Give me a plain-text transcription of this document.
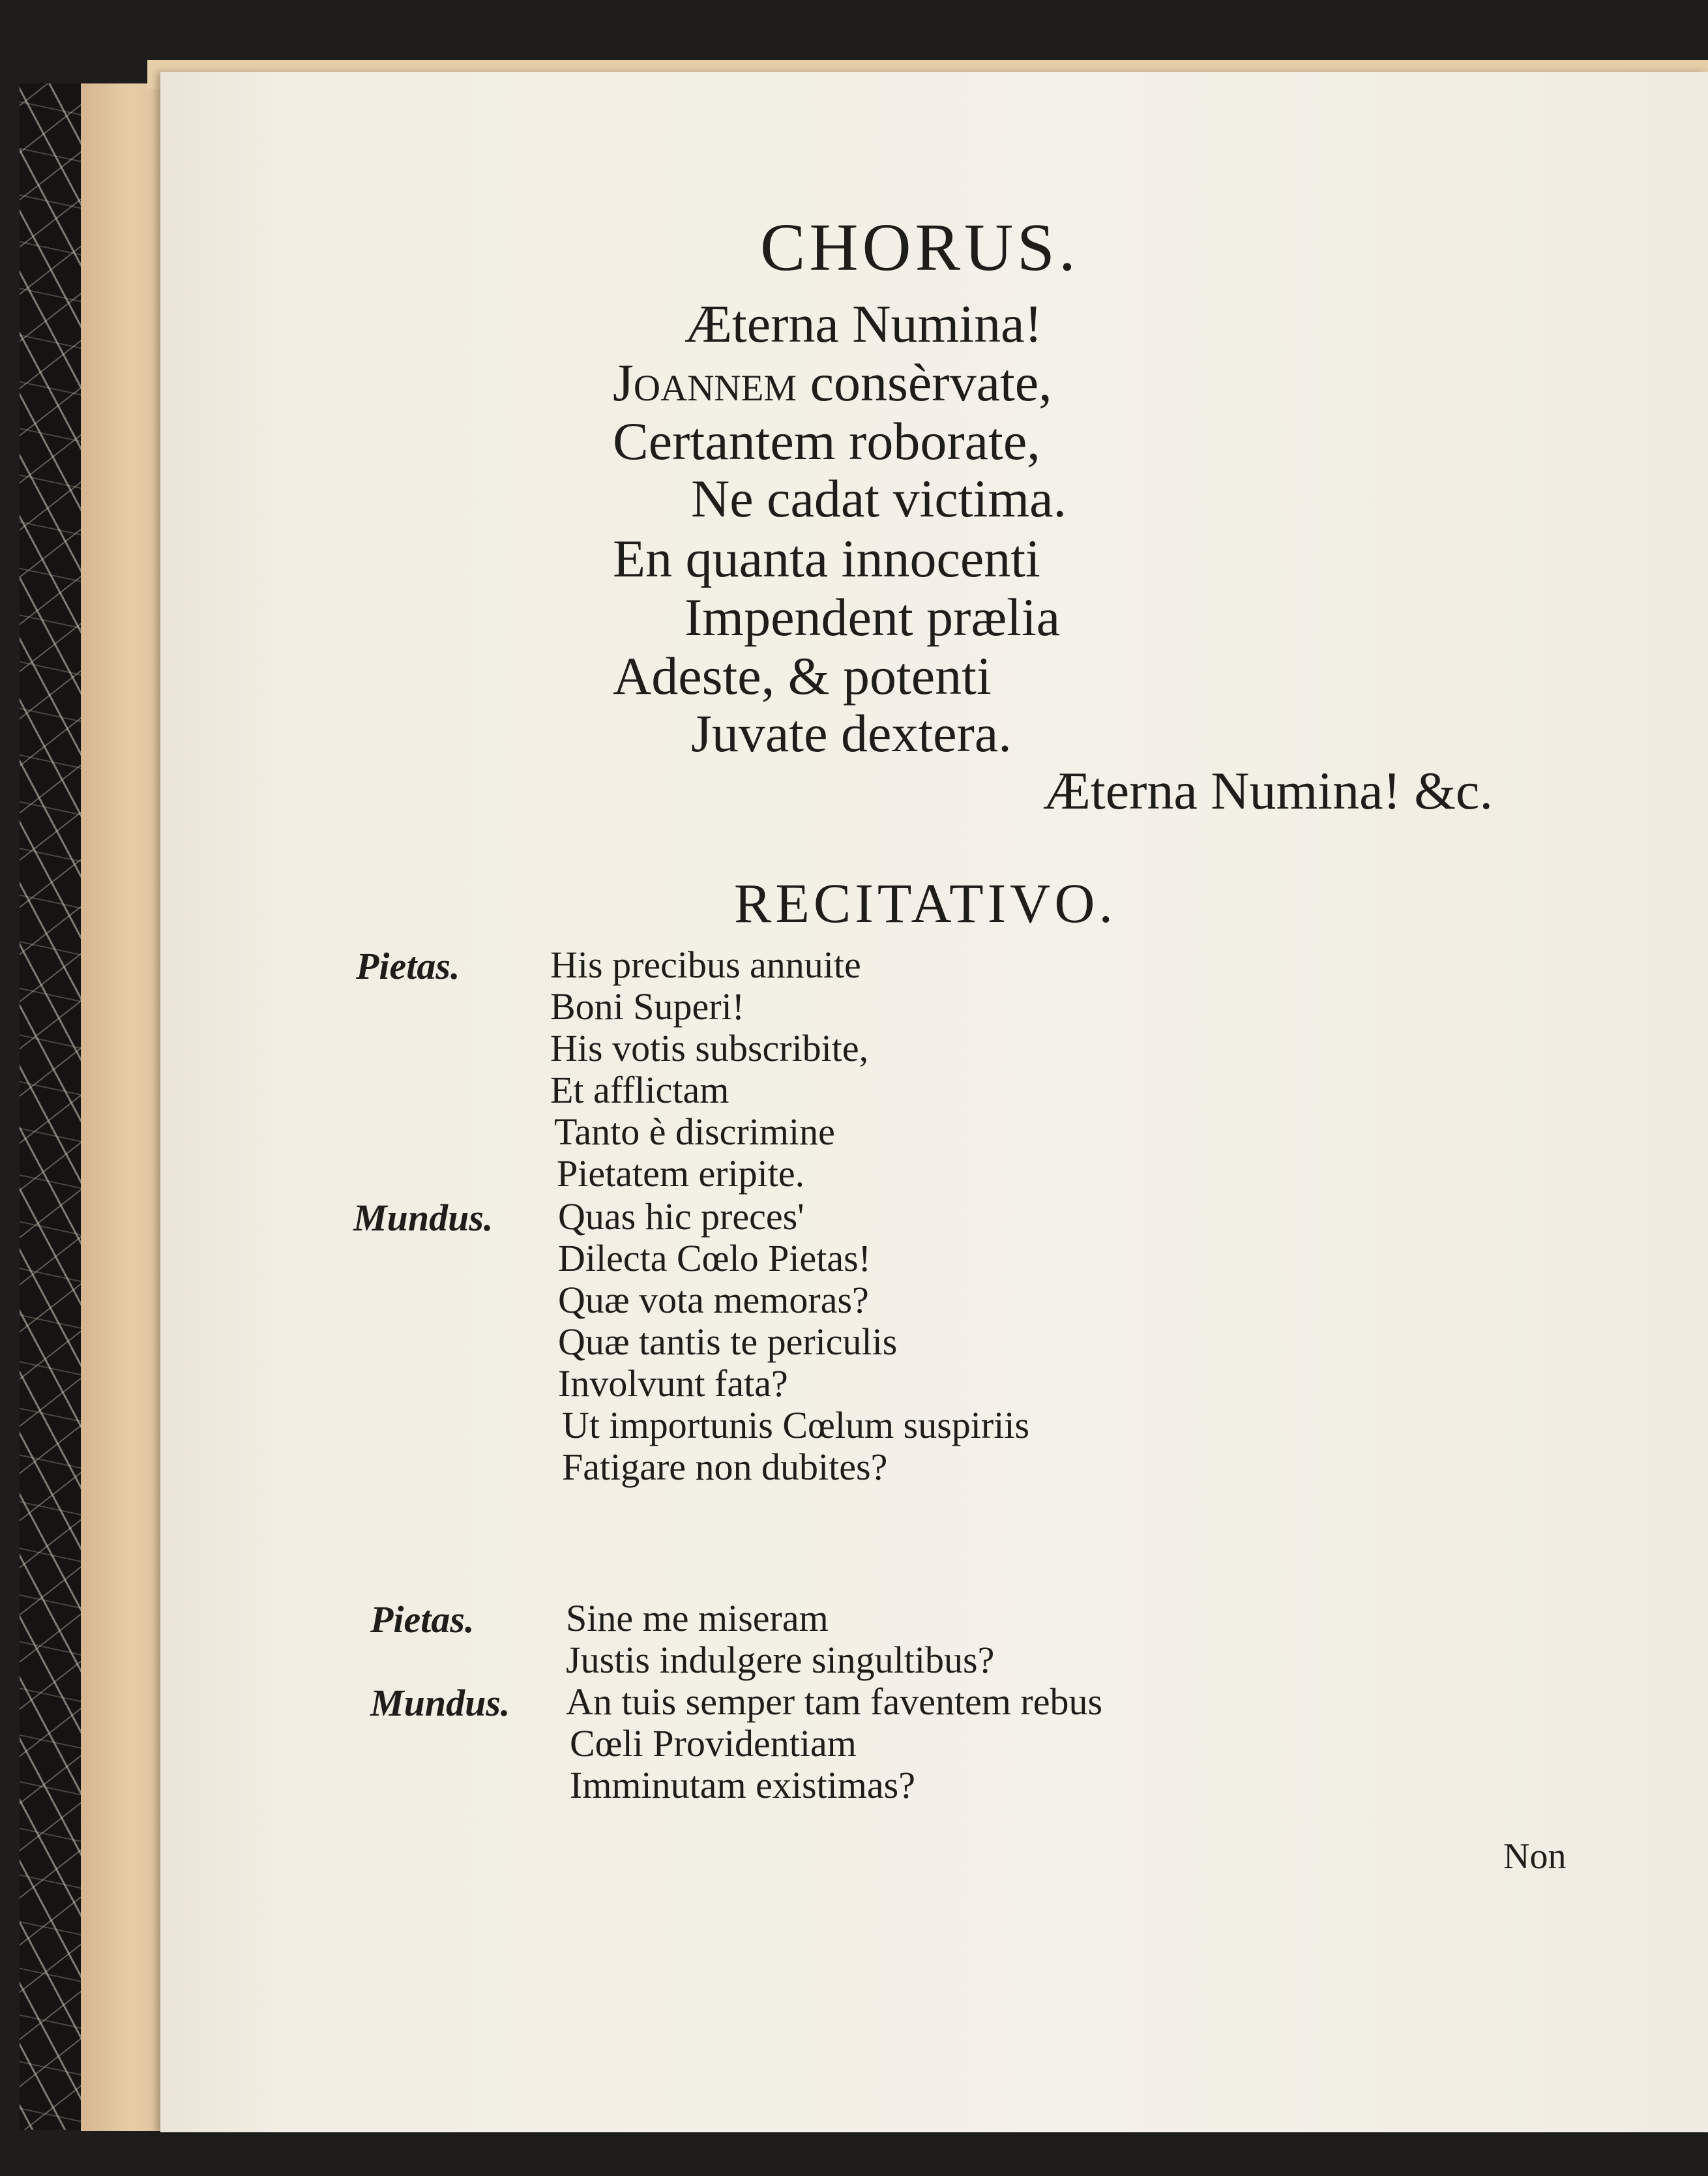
CHORUS.
Æterna Numina!
Joannem consèrvate,
Certantem roborate,
Ne cadat victima.
En quanta innocenti
Impendent prælia
Adeste, & potenti
Juvate dextera.
Æterna Numina! &c.
RECITATIVO.
Pietas. His precibus annuite
Boni Superi!
His votis subscribite,
Et afflictam
Tanto è discrimine
Pietatem eripite.
Mundus. Quas hic preces'
Dilecta Cœlo Pietas!
Quæ vota memoras?
Quæ tantis te periculis
Involvunt fata?
Ut importunis Cœlum suspiriis
Fatigare non dubites?
Pietas. Sine me miseram
Justis indulgere singultibus?
Mundus. An tuis semper tam faventem rebus
Cœli Providentiam
Imminutam existimas?
Non
